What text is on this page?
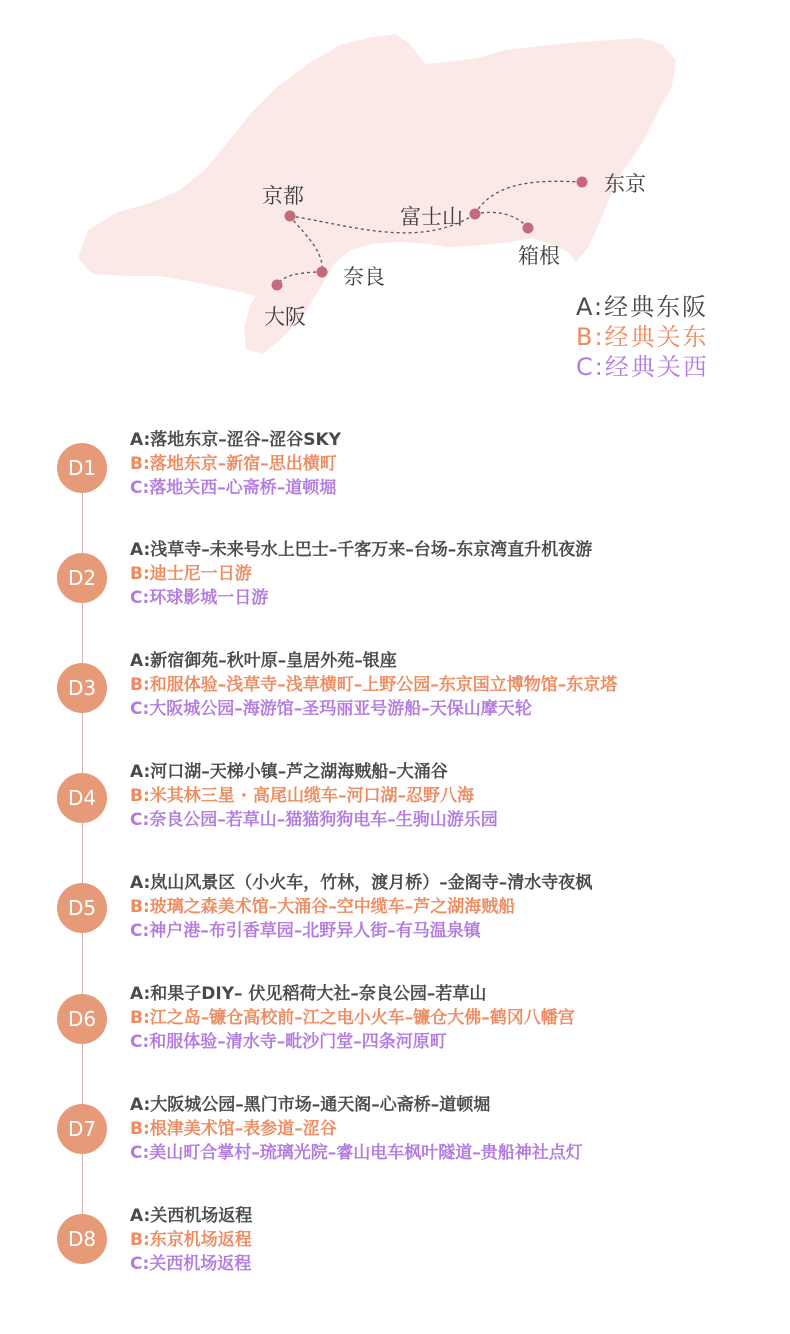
京都
富士山
东京
箱根
奈良
大阪	A:经典东阪
B:经典关东
C:经典关西
D1
A:落地东京–涩谷–涩谷SKY
B:落地东京–新宿–思出横町
C:落地关西–心斋桥–道顿堀
D2
A:浅草寺–未来号水上巴士–千客万来–台场–东京湾直升机夜游
B:迪士尼一日游
C:环球影城一日游
D3
A:新宿御苑–秋叶原–皇居外苑–银座
B:和服体验–浅草寺–浅草横町–上野公园–东京国立博物馆–东京塔
C:大阪城公园–海游馆–圣玛丽亚号游船–天保山摩天轮
D4
A:河口湖–天梯小镇–芦之湖海贼船–大涌谷
B:米其林三星 · 高尾山缆车–河口湖–忍野八海
C:奈良公园–若草山–猫猫狗狗电车–生驹山游乐园
D5
A:岚山风景区（小火车，竹林，渡月桥）–金阁寺–清水寺夜枫
B:玻璃之森美术馆–大涌谷–空中缆车–芦之湖海贼船
C:神户港–布引香草园–北野异人街–有马温泉镇
D6
A:和果子DIY– 伏见稻荷大社–奈良公园–若草山
B:江之岛–镰仓高校前–江之电小火车–镰仓大佛–鹤冈八幡宫
C:和服体验–清水寺–毗沙门堂–四条河原町
D7
A:大阪城公园–黑门市场–通天阁–心斋桥–道顿堀
B:根津美术馆–表参道–涩谷
C:美山町合掌村–琉璃光院–睿山电车枫叶隧道–贵船神社点灯
D8
A:关西机场返程
B:东京机场返程
C:关西机场返程
